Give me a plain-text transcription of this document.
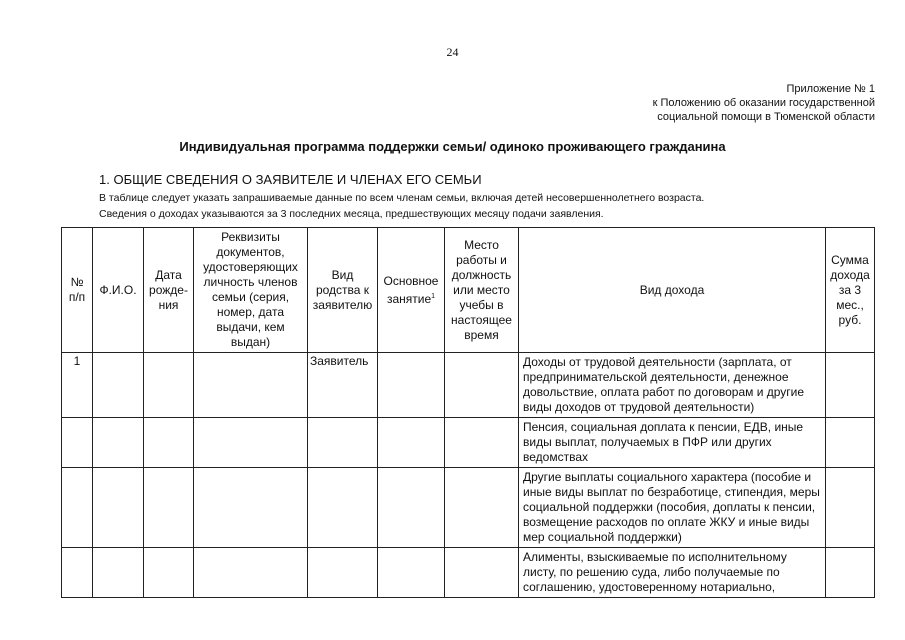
24
Приложение № 1
к Положению об оказании государственной
социальной помощи в Тюменской области
Индивидуальная программа поддержки семьи/ одиноко проживающего гражданина
1. ОБЩИЕ СВЕДЕНИЯ О ЗАЯВИТЕЛЕ И ЧЛЕНАХ ЕГО СЕМЬИ
В таблице следует указать запрашиваемые данные по всем членам семьи, включая детей несовершеннолетнего возраста.
Сведения о доходах указываются за 3 последних месяца, предшествующих месяцу подачи заявления.
№ п/п	Ф.И.О.	Дата рожде-ния	Реквизиты документов, удостоверяющих личность членов семьи (серия, номер, дата выдачи, кем выдан)	Вид родства к заявителю	Основное занятие$^1$	Место работы и должность или место учебы в настоящее время	Вид дохода	Сумма дохода за 3 мес., руб.
1				Заявитель			Доходы от трудовой деятельности (зарплата, от предпринимательской деятельности, денежное довольствие, оплата работ по договорам и другие виды доходов от трудовой деятельности)	
							Пенсия, социальная доплата к пенсии, ЕДВ, иные виды выплат, получаемых в ПФР или других ведомствах	
							Другие выплаты социального характера (пособие и иные виды выплат по безработице, стипендия, меры социальной поддержки (пособия, доплаты к пенсии, возмещение расходов по оплате ЖКУ и иные виды мер социальной поддержки)	
							Алименты, взыскиваемые по исполнительному листу, по решению суда, либо получаемые по соглашению, удостоверенному нотариально,	
